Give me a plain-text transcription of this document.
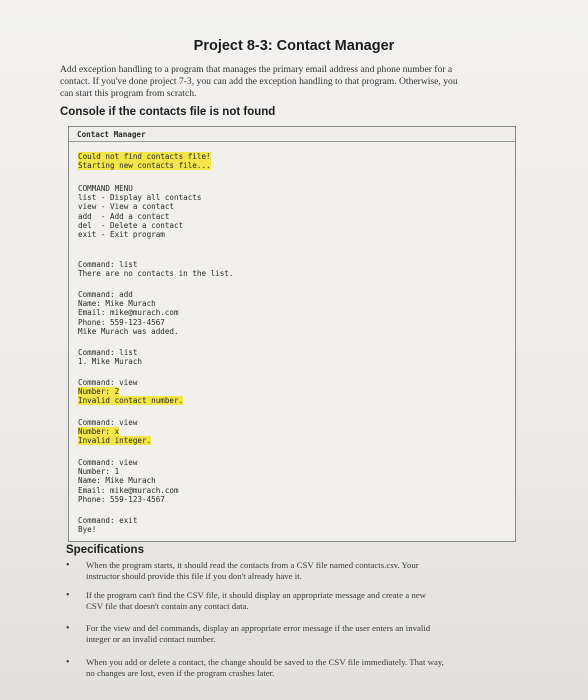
Project 8-3: Contact Manager
Add exception handling to a program that manages the primary email address and phone number for a
contact. If you've done project 7-3, you can add the exception handling to that program. Otherwise, you
can start this program from scratch.
Console if the contacts file is not found
Contact Manager
Could not find contacts file!
Starting new contacts file...
COMMAND MENU
list - Display all contacts
view - View a contact
add  - Add a contact
del  - Delete a contact
exit - Exit program
Command: list
There are no contacts in the list.
Command: add
Name: Mike Murach
Email: mike@murach.com
Phone: 559-123-4567
Mike Murach was added.
Command: list
1. Mike Murach
Command: view
Number: 2
Invalid contact number.
Command: view
Number: x
Invalid integer.
Command: view
Number: 1
Name: Mike Murach
Email: mike@murach.com
Phone: 559-123-4567
Command: exit
Bye!
Specifications
• When the program starts, it should read the contacts from a CSV file named contacts.csv. Your
instructor should provide this file if you don't already have it.
• If the program can't find the CSV file, it should display an appropriate message and create a new
CSV file that doesn't contain any contact data.
• For the view and del commands, display an appropriate error message if the user enters an invalid
integer or an invalid contact number.
• When you add or delete a contact, the change should be saved to the CSV file immediately. That way,
no changes are lost, even if the program crashes later.
